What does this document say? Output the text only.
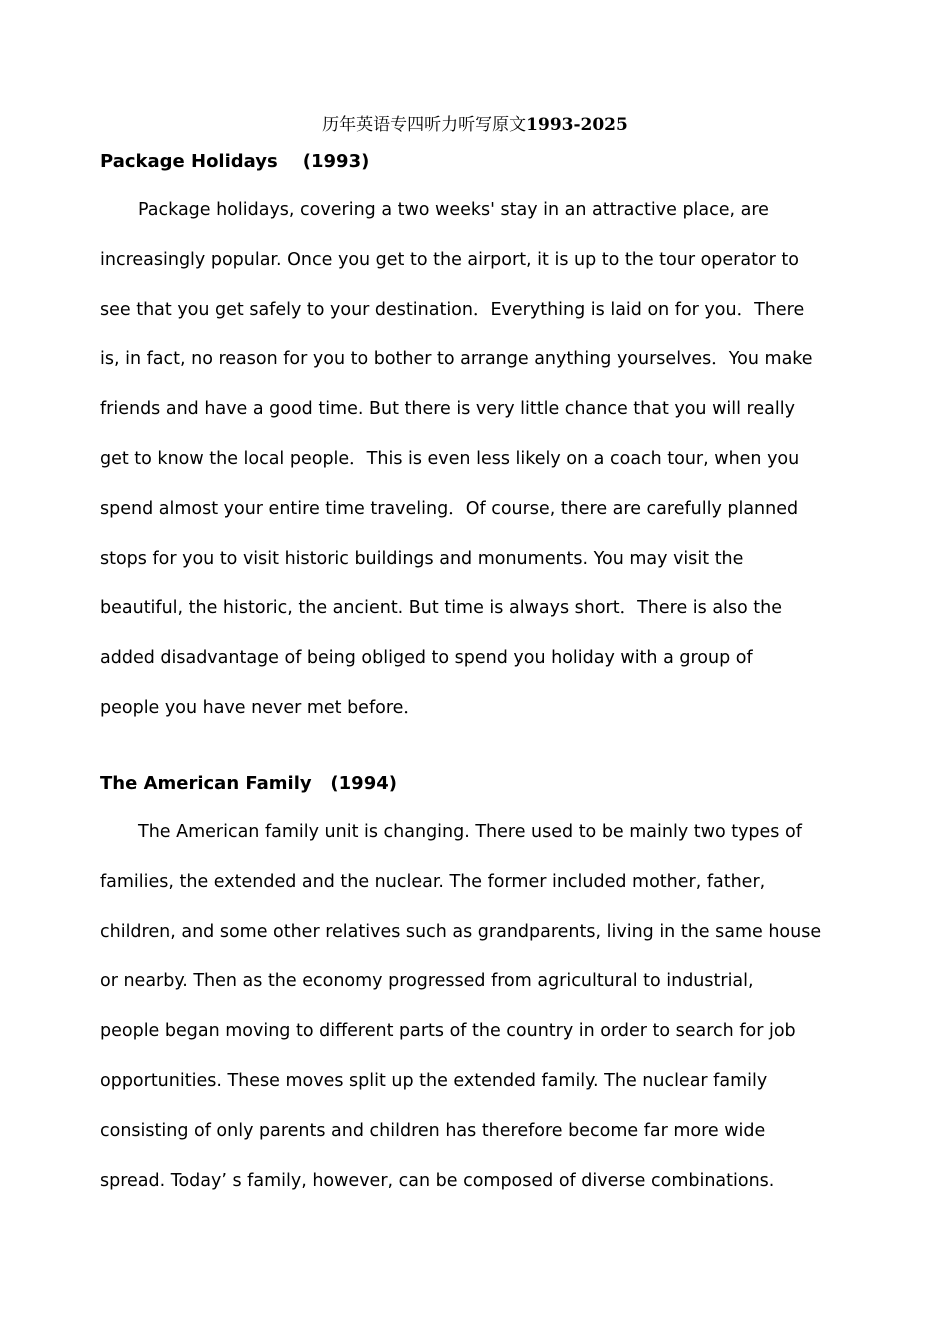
历年英语专四听力听写原文1993-2025

Package Holidays    (1993)

Package holidays, covering a two weeks' stay in an attractive place, are
increasingly popular. Once you get to the airport, it is up to the tour operator to
see that you get safely to your destination．Everything is laid on for you．There
is, in fact, no reason for you to bother to arrange anything yourselves．You make
friends and have a good time. But there is very little chance that you will really
get to know the local people．This is even less likely on a coach tour, when you
spend almost your entire time traveling．Of course, there are carefully planned
stops for you to visit historic buildings and monuments. You may visit the
beautiful, the historic, the ancient. But time is always short．There is also the
added disadvantage of being obliged to spend you holiday with a group of
people you have never met before．

The American Family   (1994)

The American family unit is changing. There used to be mainly two types of
families, the extended and the nuclear. The former included mother, father,
children, and some other relatives such as grandparents, living in the same house
or nearby. Then as the economy progressed from agricultural to industrial,
people began moving to different parts of the country in order to search for job
opportunities. These moves split up the extended family. The nuclear family
consisting of only parents and children has therefore become far more wide
spread. Today’ s family, however, can be composed of diverse combinations.
